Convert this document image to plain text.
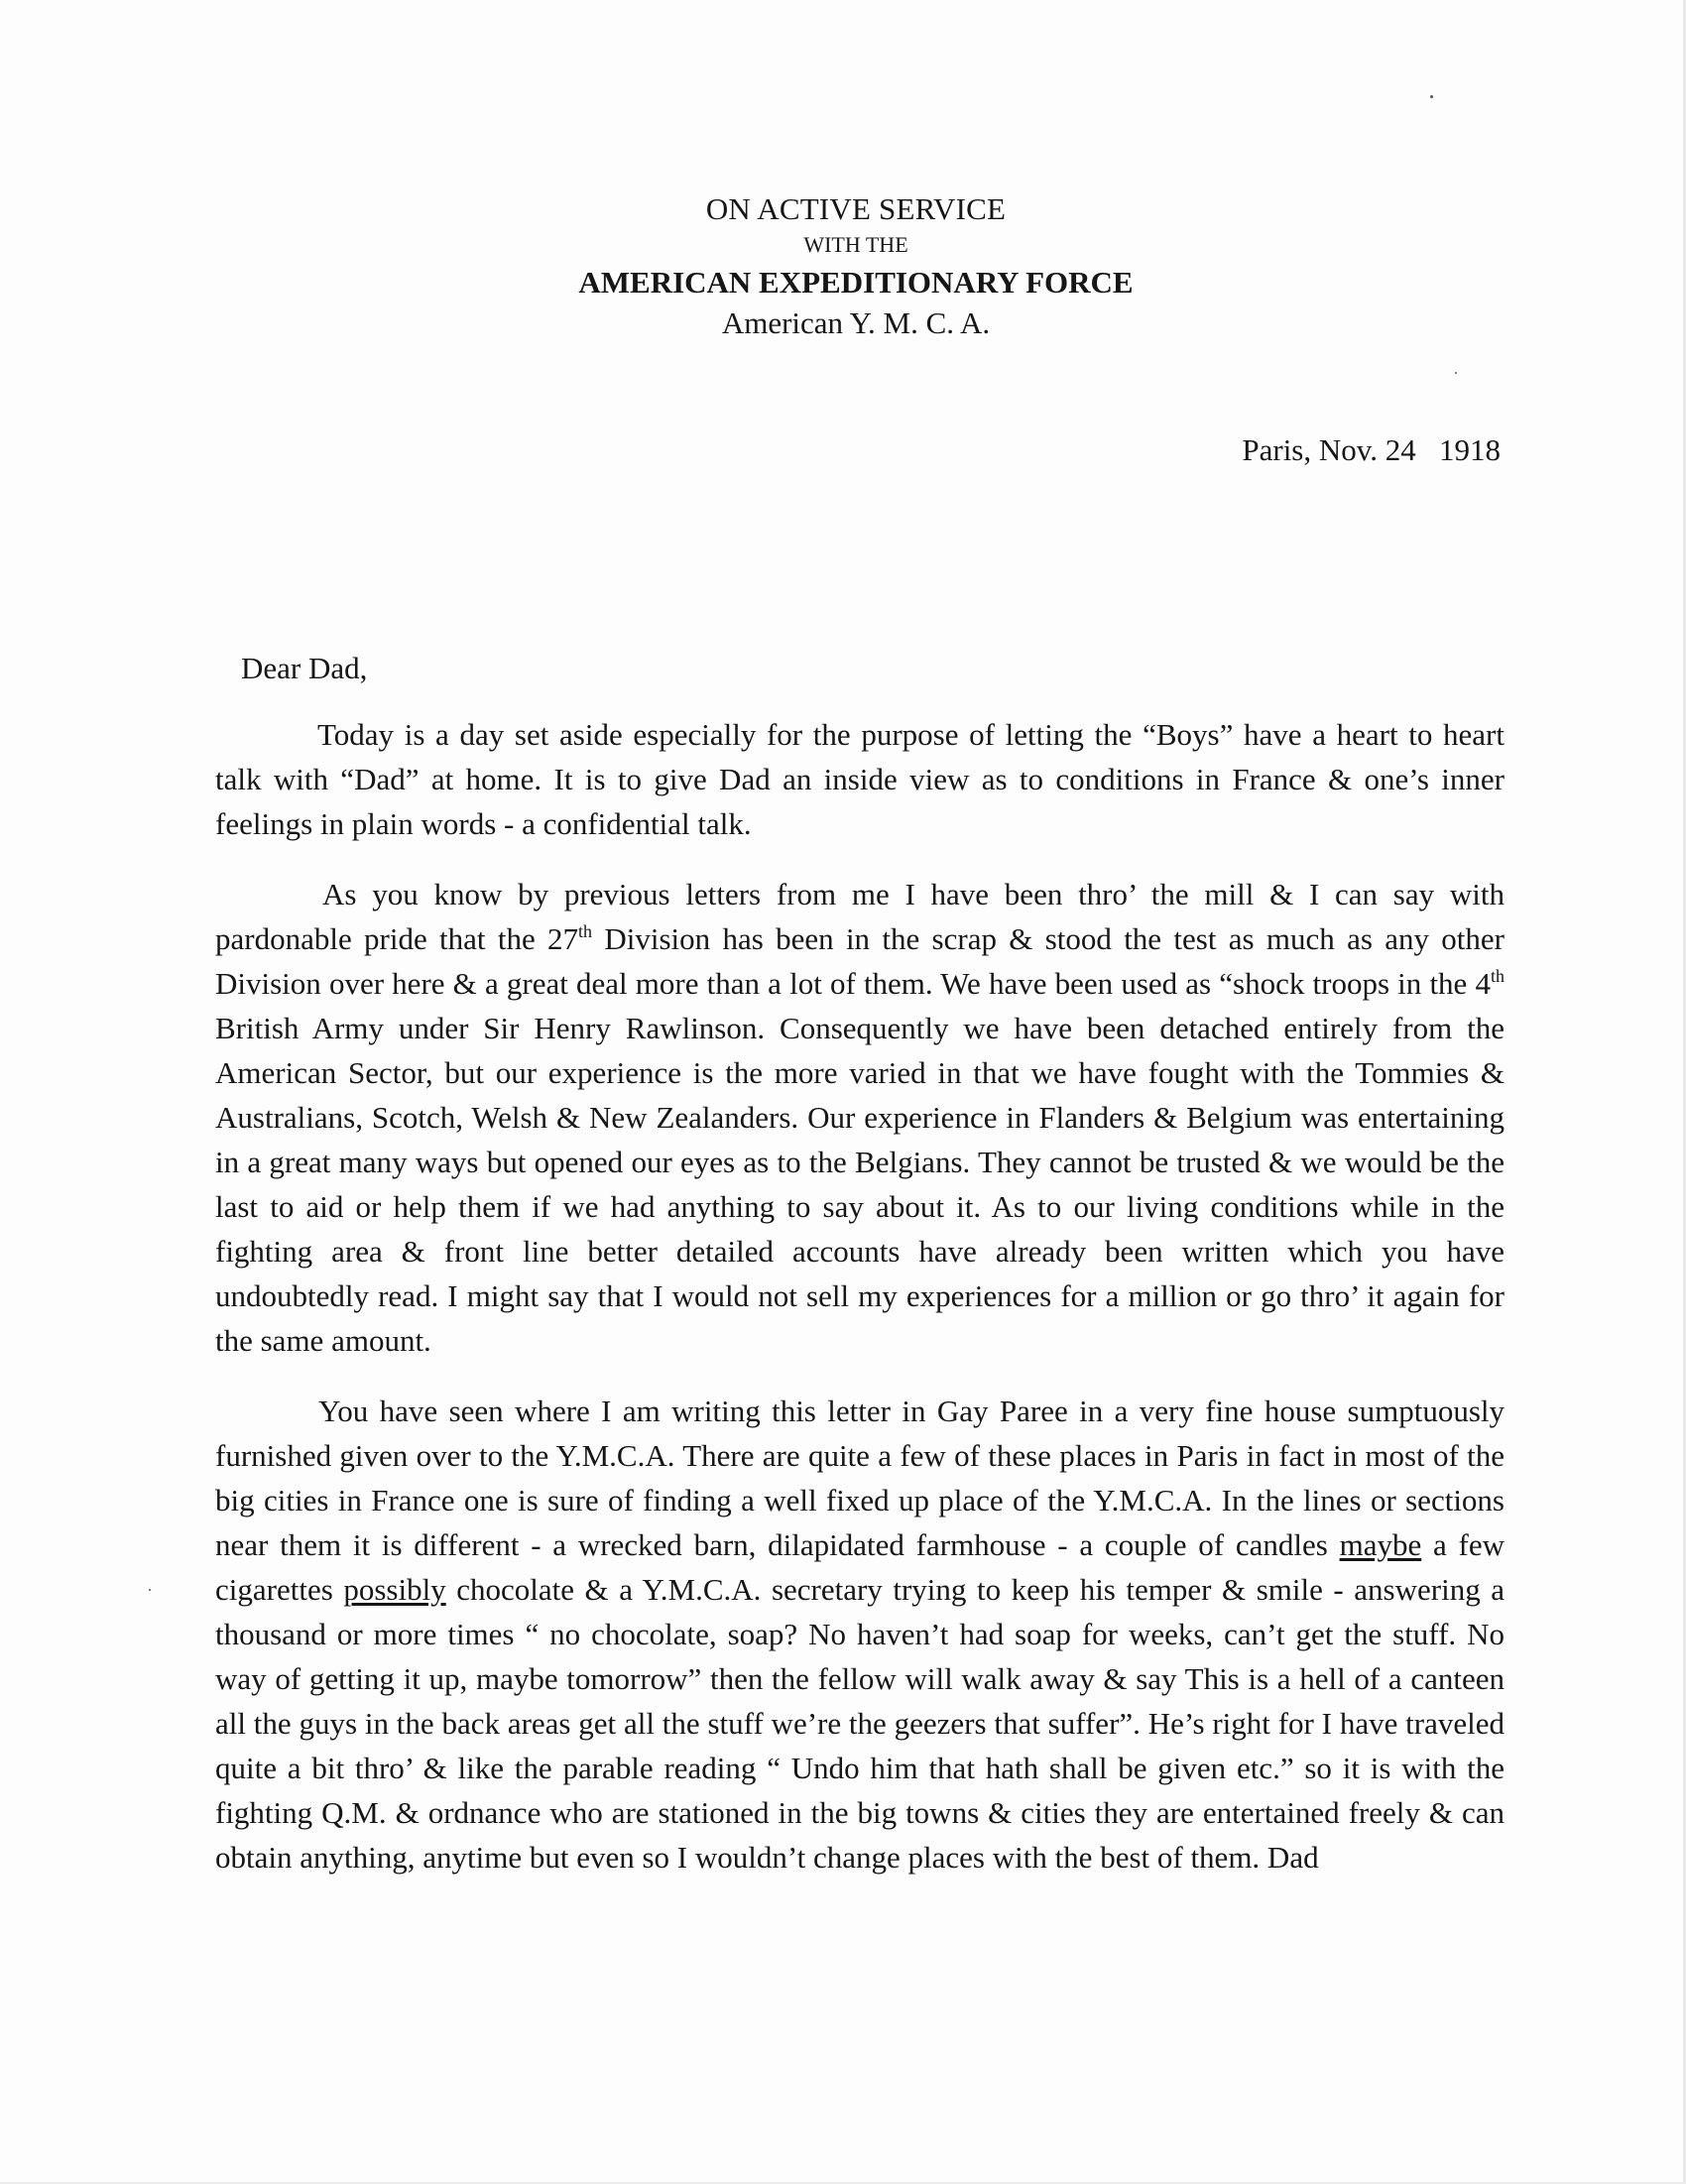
ON ACTIVE SERVICE
WITH THE
AMERICAN EXPEDITIONARY FORCE
American Y. M. C. A.
Paris, Nov. 24   1918
Dear Dad,

Today is a day set aside especially for the purpose of letting the “Boys” have a heart to heart talk with “Dad” at home. It is to give Dad an inside view as to conditions in France & one’s inner feelings in plain words - a confidential talk.

As you know by previous letters from me I have been thro’ the mill & I can say with pardonable pride that the 27th Division has been in the scrap & stood the test as much as any other Division over here & a great deal more than a lot of them. We have been used as “shock troops in the 4th British Army under Sir Henry Rawlinson. Consequently we have been detached entirely from the American Sector, but our experience is the more varied in that we have fought with the Tommies & Australians, Scotch, Welsh & New Zealanders. Our experience in Flanders & Belgium was entertaining in a great many ways but opened our eyes as to the Belgians. They cannot be trusted & we would be the last to aid or help them if we had anything to say about it. As to our living conditions while in the fighting area & front line better detailed accounts have already been written which you have undoubtedly read. I might say that I would not sell my experiences for a million or go thro’ it again for the same amount.

You have seen where I am writing this letter in Gay Paree in a very fine house sumptuously furnished given over to the Y.M.C.A. There are quite a few of these places in Paris in fact in most of the big cities in France one is sure of finding a well fixed up place of the Y.M.C.A. In the lines or sections near them it is different - a wrecked barn, dilapidated farmhouse - a couple of candles maybe a few cigarettes possibly chocolate & a Y.M.C.A. secretary trying to keep his temper & smile - answering a thousand or more times “ no chocolate, soap? No haven’t had soap for weeks, can’t get the stuff. No way of getting it up, maybe tomorrow” then the fellow will walk away & say This is a hell of a canteen all the guys in the back areas get all the stuff we’re the geezers that suffer”. He’s right for I have traveled quite a bit thro’ & like the parable reading “ Undo him that hath shall be given etc.” so it is with the fighting Q.M. & ordnance who are stationed in the big towns & cities they are entertained freely & can obtain anything, anytime but even so I wouldn’t change places with the best of them. Dad
